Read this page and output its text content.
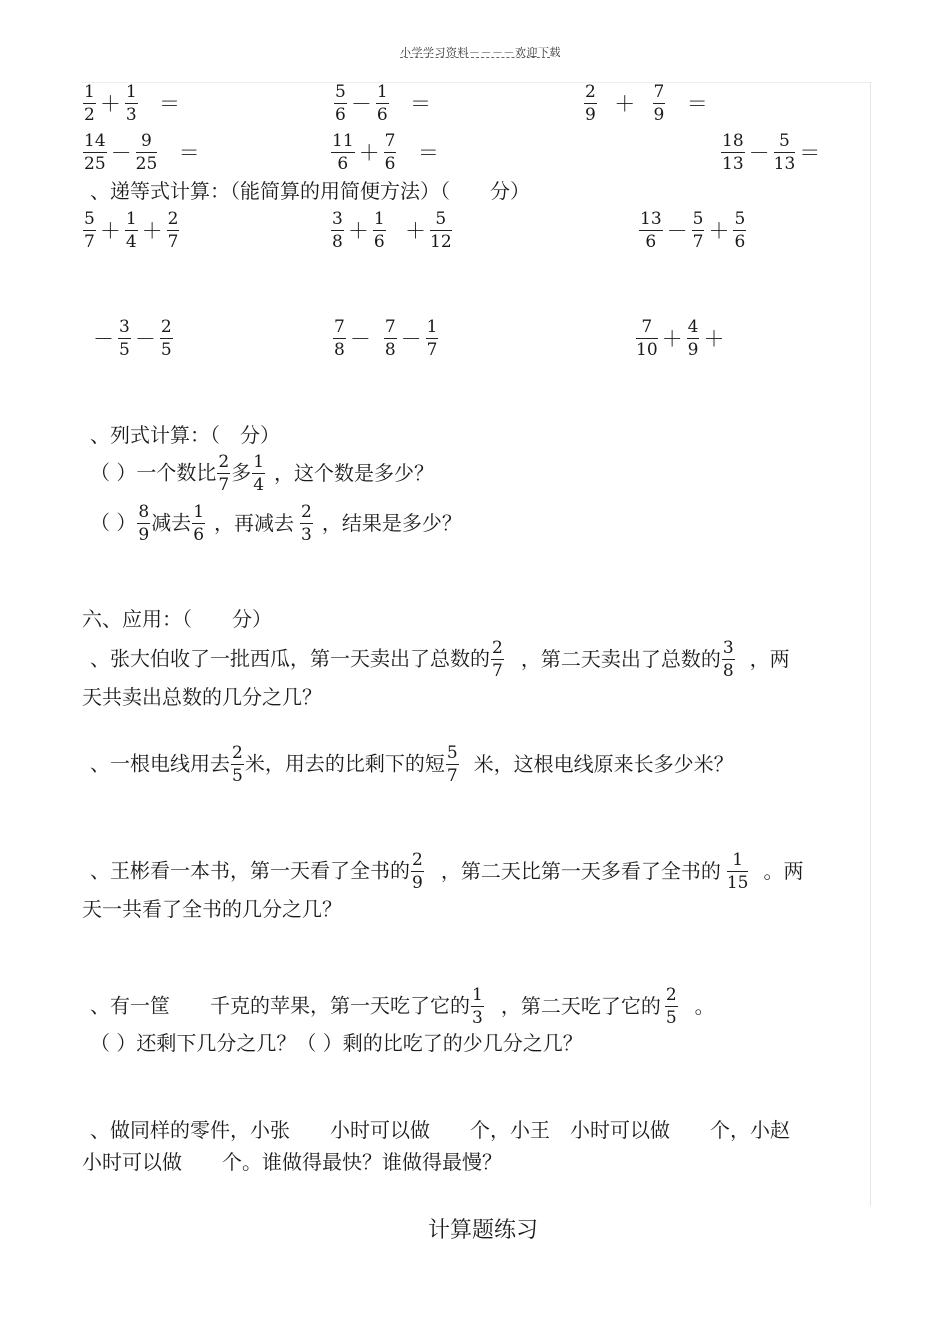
小学学习资料－－－－欢迎下载
$\frac{1}{2} + \frac{1}{3}$ ＝	$\frac{5}{6} - \frac{1}{6}$ ＝	$\frac{2}{9} + \frac{7}{9}$ ＝
$\frac{14}{25} - \frac{9}{25}$ ＝	$\frac{11}{6} + \frac{7}{6}$ ＝	$\frac{18}{13} - \frac{5}{13}$ ＝
、递等式计算：（能简算的用简便方法）（　　分）
$\frac{5}{7} + \frac{1}{4} + \frac{2}{7}$	$\frac{3}{8} + \frac{1}{6} + \frac{5}{12}$	$\frac{13}{6} - \frac{5}{7} + \frac{5}{6}$
－ $\frac{3}{5} - \frac{2}{5}$	$\frac{7}{8} - \frac{7}{8} - \frac{1}{7}$	$\frac{7}{10} + \frac{4}{9}$ ＋
、列式计算：（　分）
（ ）一个数比 $\frac{2}{7}$ 多 $\frac{1}{4}$ ，这个数是多少？
（ ） $\frac{8}{9}$ 减去 $\frac{1}{6}$ ，再减去 $\frac{2}{3}$ ，结果是多少？
六、应用：（　　分）
、张大伯收了一批西瓜，第一天卖出了总数的 $\frac{2}{7}$ ，第二天卖出了总数的 $\frac{3}{8}$ ，两
天共卖出总数的几分之几？
、一根电线用去 $\frac{2}{5}$ 米，用去的比剩下的短 $\frac{5}{7}$ 米，这根电线原来长多少米？
、王彬看一本书，第一天看了全书的 $\frac{2}{9}$ ，第二天比第一天多看了全书的 $\frac{1}{15}$ 。两
天一共看了全书的几分之几？
、有一筐　　千克的苹果，第一天吃了它的 $\frac{1}{3}$ ，第二天吃了它的 $\frac{2}{5}$ 。
（ ）还剩下几分之几？（ ）剩的比吃了的少几分之几？
、做同样的零件，小张　　小时可以做　　个，小王　小时可以做　　个，小赵
小时可以做　　个。谁做得最快？谁做得最慢？
计算题练习
